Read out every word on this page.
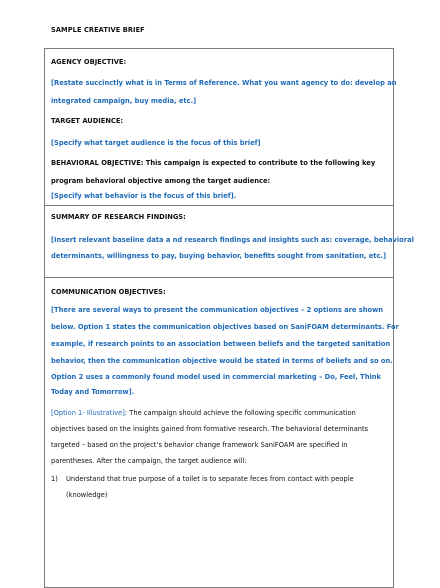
SAMPLE CREATIVE BRIEF
AGENCY OBJECTIVE:
[Restate succinctly what is in Terms of Reference. What you want agency to do: develop an
integrated campaign, buy media, etc.]
TARGET AUDIENCE:
[Specify what target audience is the focus of this brief]
BEHAVIORAL OBJECTIVE: This campaign is expected to contribute to the following key
program behavioral objective among the target audience:
[Specify what behavior is the focus of this brief].
SUMMARY OF RESEARCH FINDINGS:
[Insert relevant baseline data a nd research findings and insights such as: coverage, behavioral
determinants, willingness to pay, buying behavior, benefits sought from sanitation, etc.]
COMMUNICATION OBJECTIVES:
[There are several ways to present the communication objectives – 2 options are shown
below. Option 1 states the communication objectives based on SaniFOAM determinants. For
example, if research points to an association between beliefs and the targeted sanitation
behavior, then the communication objective would be stated in terms of beliefs and so on.
Option 2 uses a commonly found model used in commercial marketing – Do, Feel, Think
Today and Tomorrow].
[Option 1- Illustrative]: The campaign should achieve the following specific communication
objectives based on the insights gained from formative research. The behavioral determinants
targeted – based on the project’s behavior change framework SaniFOAM are specified in
parentheses. After the campaign, the target audience will:
1) Understand that true purpose of a toilet is to separate feces from contact with people
(knowledge)
